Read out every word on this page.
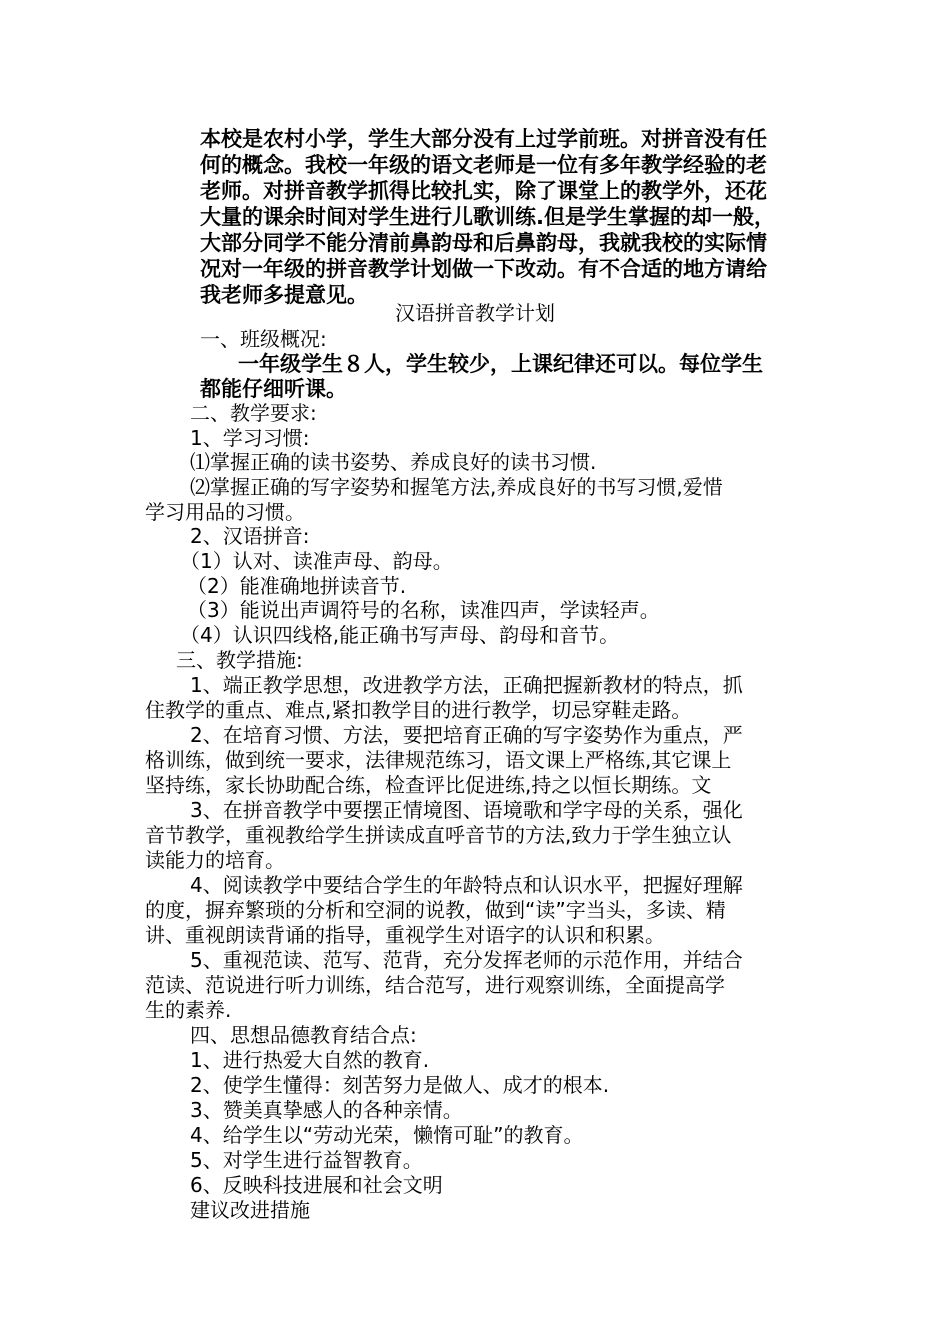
本校是农村小学，学生大部分没有上过学前班。对拼音没有任
何的概念。我校一年级的语文老师是一位有多年教学经验的老
老师。对拼音教学抓得比较扎实，除了课堂上的教学外，还花
大量的课余时间对学生进行儿歌训练.但是学生掌握的却一般，
大部分同学不能分清前鼻韵母和后鼻韵母，我就我校的实际情
况对一年级的拼音教学计划做一下改动。有不合适的地方请给
我老师多提意见。
汉语拼音教学计划
一、班级概况:
一年级学生８人，学生较少，上课纪律还可以。每位学生
都能仔细听课。
二、教学要求:
1、学习习惯:
⑴掌握正确的读书姿势、养成良好的读书习惯.
⑵掌握正确的写字姿势和握笔方法,养成良好的书写习惯,爱惜
学习用品的习惯。
2、汉语拼音:
（1）认对、读准声母、韵母。
（2）能准确地拼读音节.
（3）能说出声调符号的名称，读准四声，学读轻声。
（4）认识四线格,能正确书写声母、韵母和音节。
三、教学措施:
1、端正教学思想，改进教学方法，正确把握新教材的特点，抓
住教学的重点、难点,紧扣教学目的进行教学，切忌穿鞋走路。
2、在培育习惯、方法，要把培育正确的写字姿势作为重点，严
格训练，做到统一要求，法律规范练习，语文课上严格练,其它课上
坚持练，家长协助配合练，检查评比促进练,持之以恒长期练。文
3、在拼音教学中要摆正情境图、语境歌和学字母的关系，强化
音节教学，重视教给学生拼读成直呼音节的方法,致力于学生独立认
读能力的培育。
4、阅读教学中要结合学生的年龄特点和认识水平，把握好理解
的度，摒弃繁琐的分析和空洞的说教，做到“读”字当头，多读、精
讲、重视朗读背诵的指导，重视学生对语字的认识和积累。
5、重视范读、范写、范背，充分发挥老师的示范作用，并结合
范读、范说进行听力训练，结合范写，进行观察训练，全面提高学
生的素养.
四、思想品德教育结合点:
1、进行热爱大自然的教育.
2、使学生懂得：刻苦努力是做人、成才的根本.
3、赞美真挚感人的各种亲情。
4、给学生以“劳动光荣，懒惰可耻”的教育。
5、对学生进行益智教育。
6、反映科技进展和社会文明
建议改进措施
